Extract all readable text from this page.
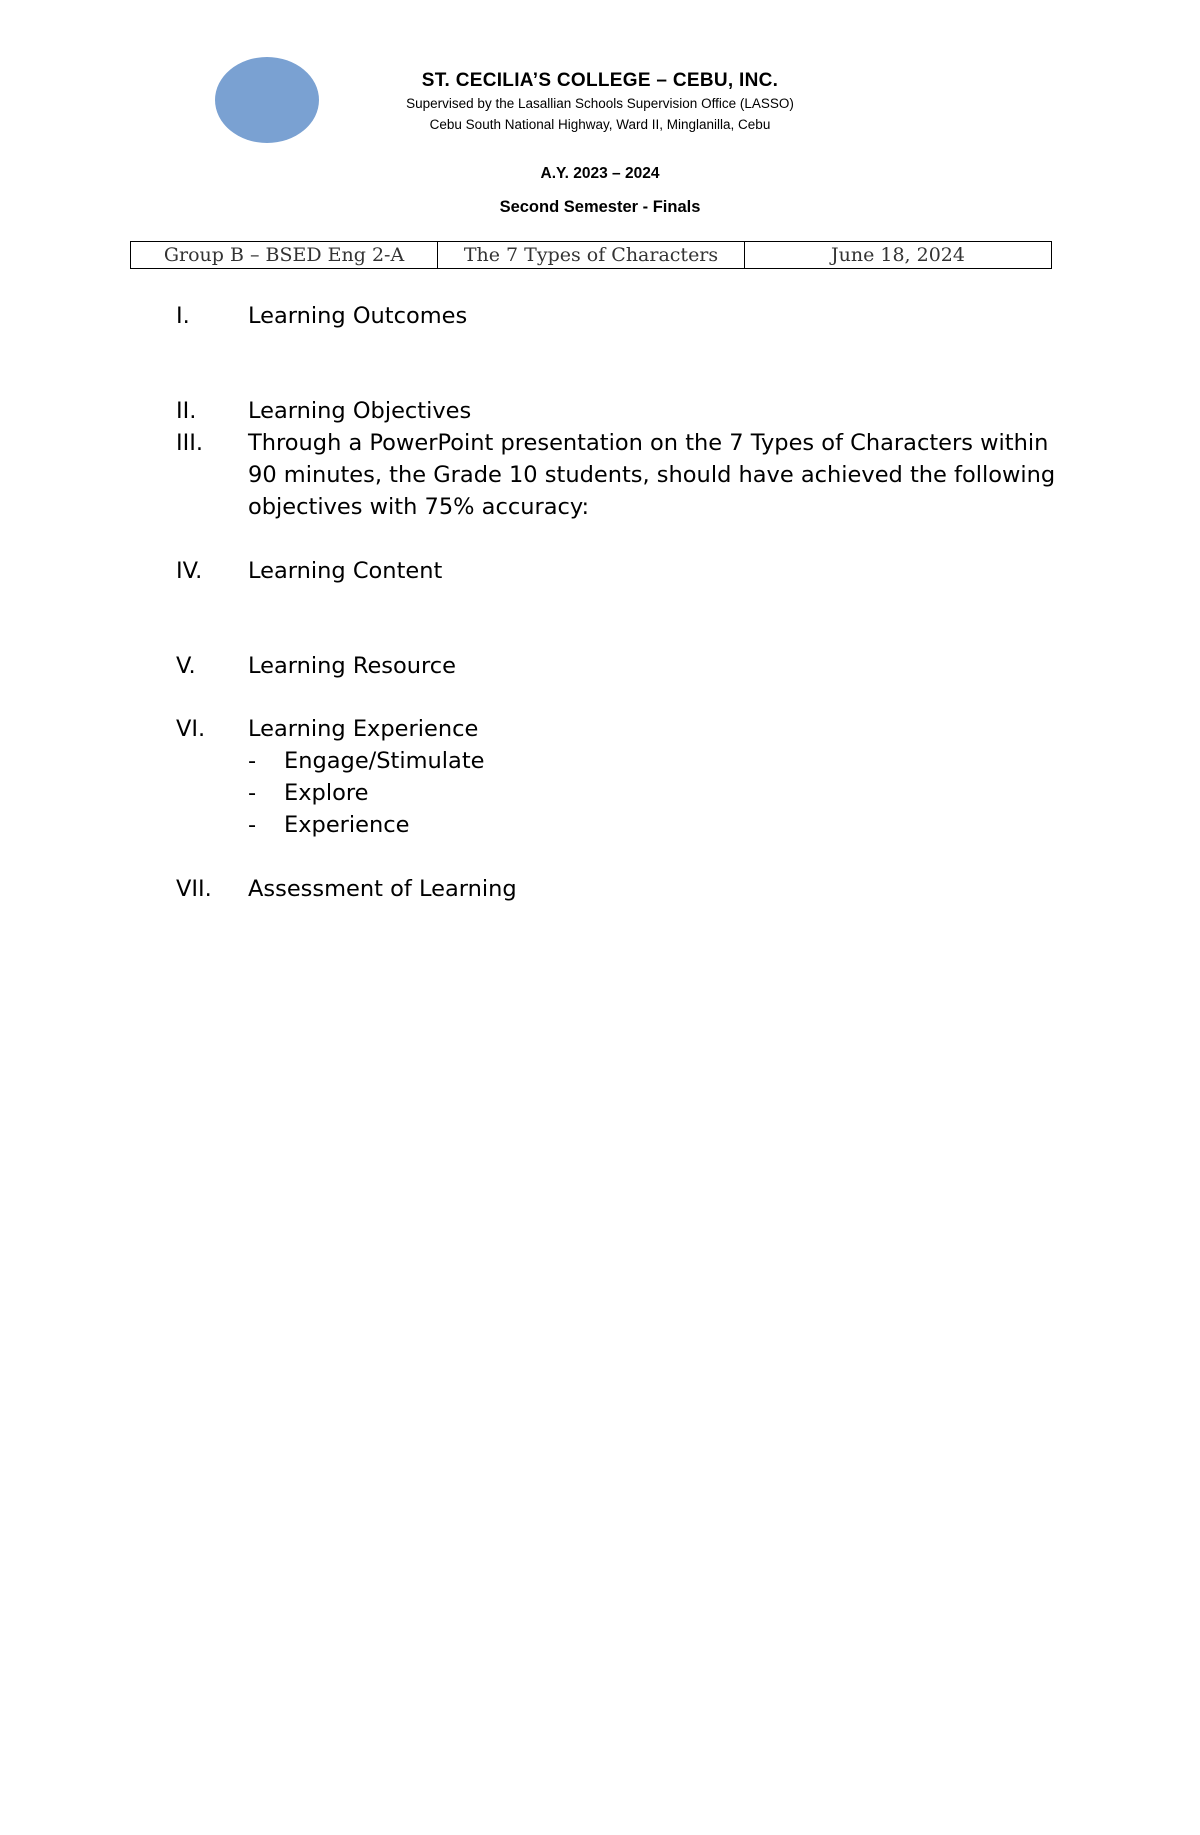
ST. CECILIA’S COLLEGE – CEBU, INC.
Supervised by the Lasallian Schools Supervision Office (LASSO)
Cebu South National Highway, Ward II, Minglanilla, Cebu
A.Y. 2023 – 2024
Second Semester - Finals
Group B – BSED Eng 2-A	The 7 Types of Characters	June 18, 2024
I.	Learning Outcomes
II. Learning Objectives
III. Through a PowerPoint presentation on the 7 Types of Characters within 90 minutes, the Grade 10 students, should have achieved the following objectives with 75% accuracy:
IV. Learning Content
V. Learning Resource
VI. Learning Experience
- Engage/Stimulate
- Explore
- Experience
VII. Assessment of Learning
